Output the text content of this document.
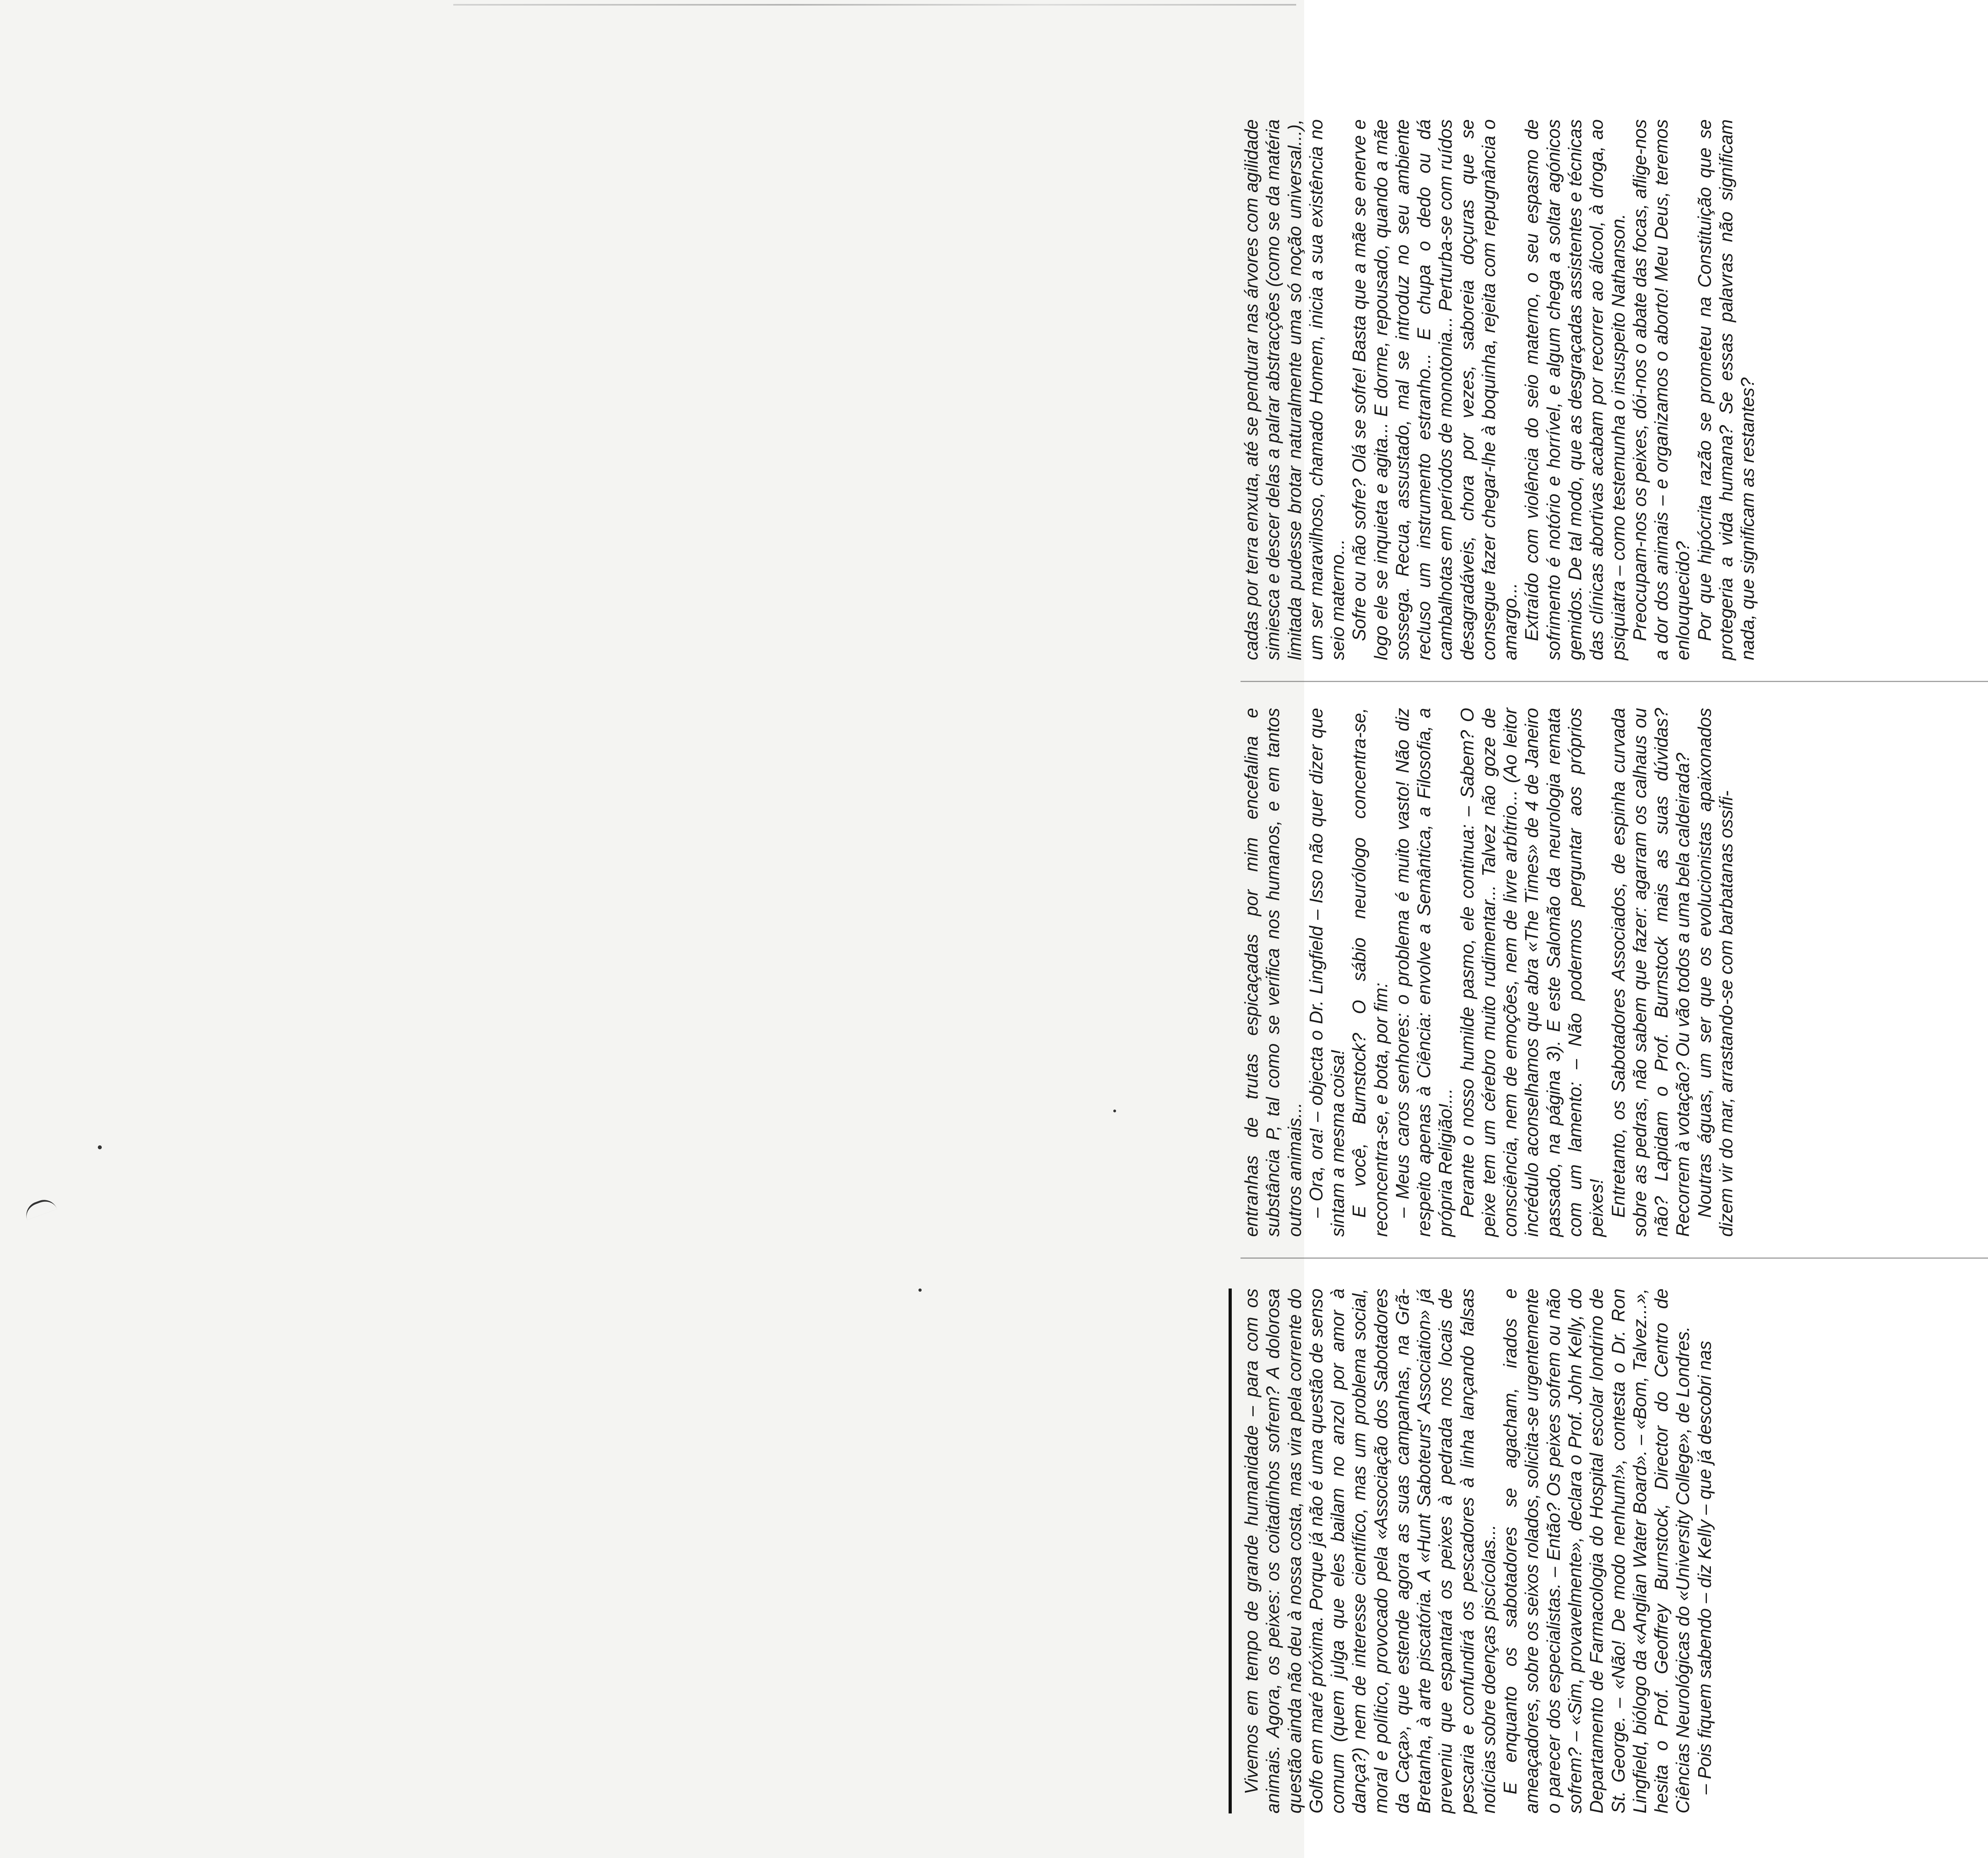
Vivemos em tempo de grande humanidade – para com os animais. Agora, os peixes: os coitadinhos sofrem? A dolorosa questão ainda não deu à nossa costa, mas vira pela corrente do Golfo em maré próxima. Porque já não é uma questão de senso comum (quem julga que eles bailam no anzol por amor à dança?) nem de interesse científico, mas um problema social, moral e político, provocado pela «Associação dos Sabotadores da Caça», que estende agora as suas campanhas, na Grã-Bretanha, à arte piscatória. A «Hunt Saboteurs' Association» já preveniu que espantará os peixes à pedrada nos locais de pescaria e confundirá os pescadores à linha lançando falsas notícias sobre doenças piscícolas... E enquanto os sabotadores se agacham, irados e ameaçadores, sobre os seixos rolados, solicita-se urgentemente o parecer dos especialistas. – Então? Os peixes sofrem ou não sofrem? – «Sim, provavelmente», declara o Prof. John Kelly, do Departamento de Farmacologia do Hospital escolar londrino de St. George. – «Não! De modo nenhum!», contesta o Dr. Ron Lingfield, biólogo da «Anglian Water Board». – «Bom, Talvez...», hesita o Prof. Geoffrey Burnstock, Director do Centro de Ciências Neurológicas do «University College», de Londres. – Pois fiquem sabendo – diz Kelly – que já descobri nas

entranhas de trutas espicaçadas por mim encefalina e substância P, tal como se verifica nos humanos, e em tantos outros animais... – Ora, ora! – objecta o Dr. Lingfield – Isso não quer dizer que sintam a mesma coisa! E você, Burnstock? O sábio neurólogo concentra-se, reconcentra-se, e bota, por fim: – Meus caros senhores: o problema é muito vasto! Não diz respeito apenas à Ciência: envolve a Semântica, a Filosofia, a própria Religião!... Perante o nosso humilde pasmo, ele continua: – Sabem? O peixe tem um cérebro muito rudimentar... Talvez não goze de consciência, nem de emoções, nem de livre arbítrio... (Ao leitor incrédulo aconselhamos que abra «The Times» de 4 de Janeiro passado, na página 3). E este Salomão da neurologia remata com um lamento: – Não podermos perguntar aos próprios peixes! Entretanto, os Sabotadores Associados, de espinha curvada sobre as pedras, não sabem que fazer: agarram os calhaus ou não? Lapidam o Prof. Burnstock mais as suas dúvidas? Recorrem à votação? Ou vão todos a uma bela caldeirada? Noutras águas, um ser que os evolucionistas apaixonados dizem vir do mar, arrastando-se com barbatanas ossifi-

cadas por terra enxuta, até se pendurar nas árvores com agilidade simiesca e descer delas a palrar abstracções (como se da matéria limitada pudesse brotar naturalmente uma só noção universal...), um ser maravilhoso, chamado Homem, inicia a sua existência no seio materno... Sofre ou não sofre? Olá se sofre! Basta que a mãe se enerve e logo ele se inquieta e agita... E dorme, repousado, quando a mãe sossega. Recua, assustado, mal se introduz no seu ambiente recluso um instrumento estranho... E chupa o dedo ou dá cambalhotas em períodos de monotonia... Perturba-se com ruídos desagradáveis, chora por vezes, saboreia doçuras que se consegue fazer chegar-lhe à boquinha, rejeita com repugnância o amargo... Extraído com violência do seio materno, o seu espasmo de sofrimento é notório e horrível, e algum chega a soltar agónicos gemidos. De tal modo, que as desgraçadas assistentes e técnicas das clínicas abortivas acabam por recorrer ao álcool, à droga, ao psiquiatra – como testemunha o insuspeito Nathanson. Preocupam-nos os peixes, dói-nos o abate das focas, aflige-nos a dor dos animais – e organizamos o aborto! Meu Deus, teremos enlouquecido? Por que hipócrita razão se prometeu na Constituição que se protegeria a vida humana? Se essas palavras não significam nada, que significam as restantes?
